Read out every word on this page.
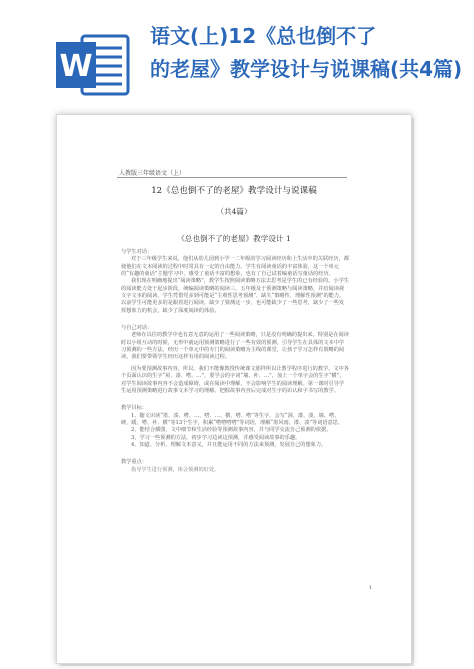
W
语文(上)12《总也倒不了
的老屋》教学设计与说课稿(共4篇)
人教版三年级语文（上）
12《总也倒不了的老屋》教学设计与说课稿
（共4篇）
《总也倒不了的老屋》教学设计 1

与学生对话：

对于三年级学生来说，他们从幼儿园到小学一二年级的学习阅读经历和上生活中的关联经历，都使他们在文本阅读的过程中时常具有一定的自由能力。学生有阅读童话的丰富体验，这一个单元的“有趣的童话”主题学习中，感受了童话丰富的想象，也有了自己试着编童话写童话的经历。

我们现在明确地提出“阅读策略”，教学生按照阅读策略方法去思考是学生的已有经验的。小学生的阅读能力处于起步阶段，统编阅读策略的阅读三、五年级及于预测策略与阅读策略，并给阅读视文字文本的阅读。学生凭借党多到可能是“主观性思考预测”，缺失“策略性、理解性预测”的能力。以前学生可能更多的是跟着进行阅读，缺少了猜测这一步，也可能缺少了一些思考，缺少了一些发挥想象力的机会，缺少了深度阅读的体验。

与自己对话：

老师在以往的教学中也有意无意的运用了一些阅读策略，只是没有明确的提出来。特别是在阅读时以小组互动的时候，无形中就运用预测策略进行了一些有效的预测。引导学生在具体的文本中学习预测的一些方法，经历一个单元中的专门的阅读策略为主线的课堂，让孩子学习怎样有策略的阅读。我们要带领学生经历这样有用的阅读过程。

因为要预测故事内容，所以，我们不能像教授传统课文那样所以让教学程序进行的教学。文中各个页面认识的生字“屋、凑、嗒、…”，要学会的字词“墙、补、…”，加上一个单字会的生字“横”，对学生阅读故事内容不会造成障碍，或在阅读中理解，不会影响学生的阅读理解。第一课时引导学生运用预测策略进行故事文本学习的理解，把握故事内容后完成对生字的识认和字书写的教学。

教学目标：

1、随文识读“墨、凑、嗒、…、嗒、…、横、嗒、嗒”等生字，会写“洞、漆、凑、墙、嗒、硬、暖、嗒、补、横”等13个生字，积累“嗒嗒嗒嗒”等词语，理解“墨风雨、漆、凑”等词语意思。

2、能结合插图、文中细节和生活经验等预测故事内容，并与同学交流自己预测的依据。

3、学习一些预测的方法，初步学习边读边预测，并感受阅读故事的乐趣。

4、知道、分析、理解文本意义，并且能运用不同的方法来预测，发展自己的想象力。

教学重点：

指导学生进行预测，体会预测的好处。

1
